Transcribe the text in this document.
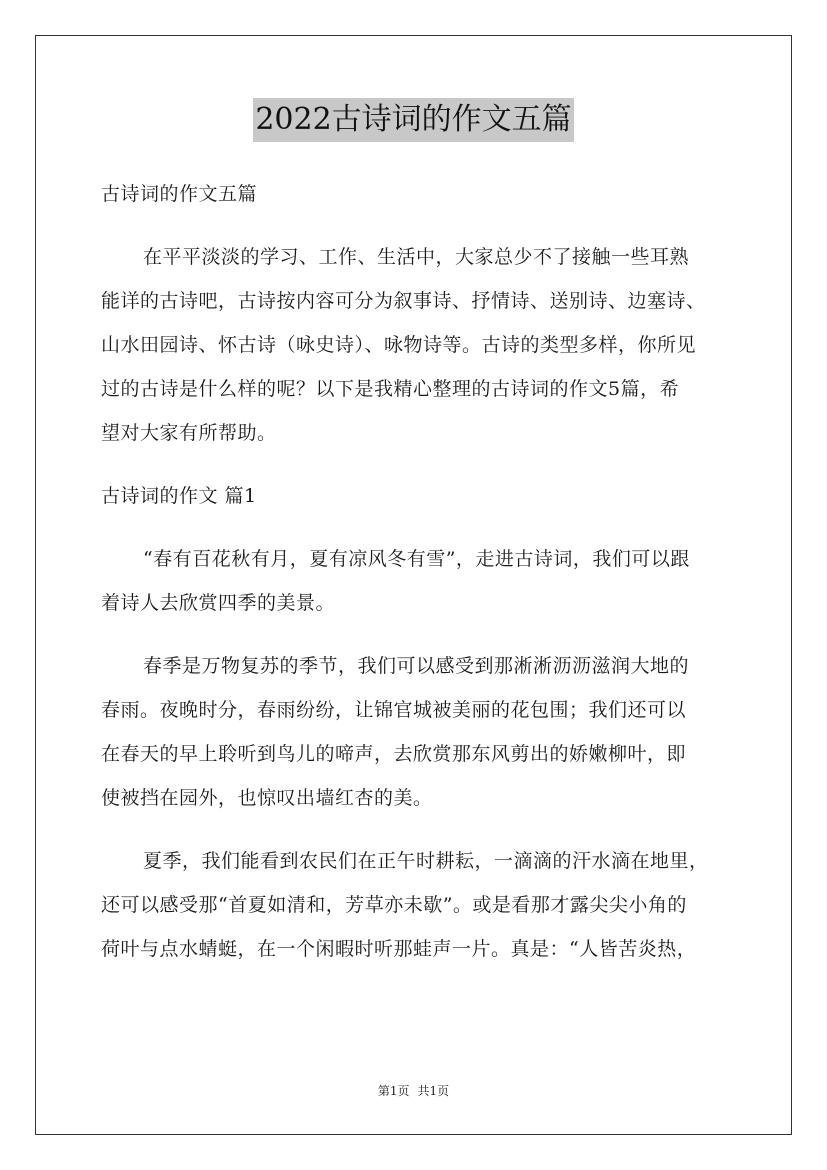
2022古诗词的作文五篇
古诗词的作文五篇
在平平淡淡的学习、工作、生活中，大家总少不了接触一些耳熟
能详的古诗吧，古诗按内容可分为叙事诗、抒情诗、送别诗、边塞诗、
山水田园诗、怀古诗（咏史诗）、咏物诗等。古诗的类型多样，你所见
过的古诗是什么样的呢？以下是我精心整理的古诗词的作文5篇，希
望对大家有所帮助。
古诗词的作文 篇1
“春有百花秋有月，夏有凉风冬有雪”，走进古诗词，我们可以跟
着诗人去欣赏四季的美景。
春季是万物复苏的季节，我们可以感受到那淅淅沥沥滋润大地的
春雨。夜晚时分，春雨纷纷，让锦官城被美丽的花包围；我们还可以
在春天的早上聆听到鸟儿的啼声，去欣赏那东风剪出的娇嫩柳叶，即
使被挡在园外，也惊叹出墙红杏的美。
夏季，我们能看到农民们在正午时耕耘，一滴滴的汗水滴在地里，
还可以感受那“首夏如清和，芳草亦未歇”。或是看那才露尖尖小角的
荷叶与点水蜻蜓，在一个闲暇时听那蛙声一片。真是：“人皆苦炎热，
第1页 共1页
